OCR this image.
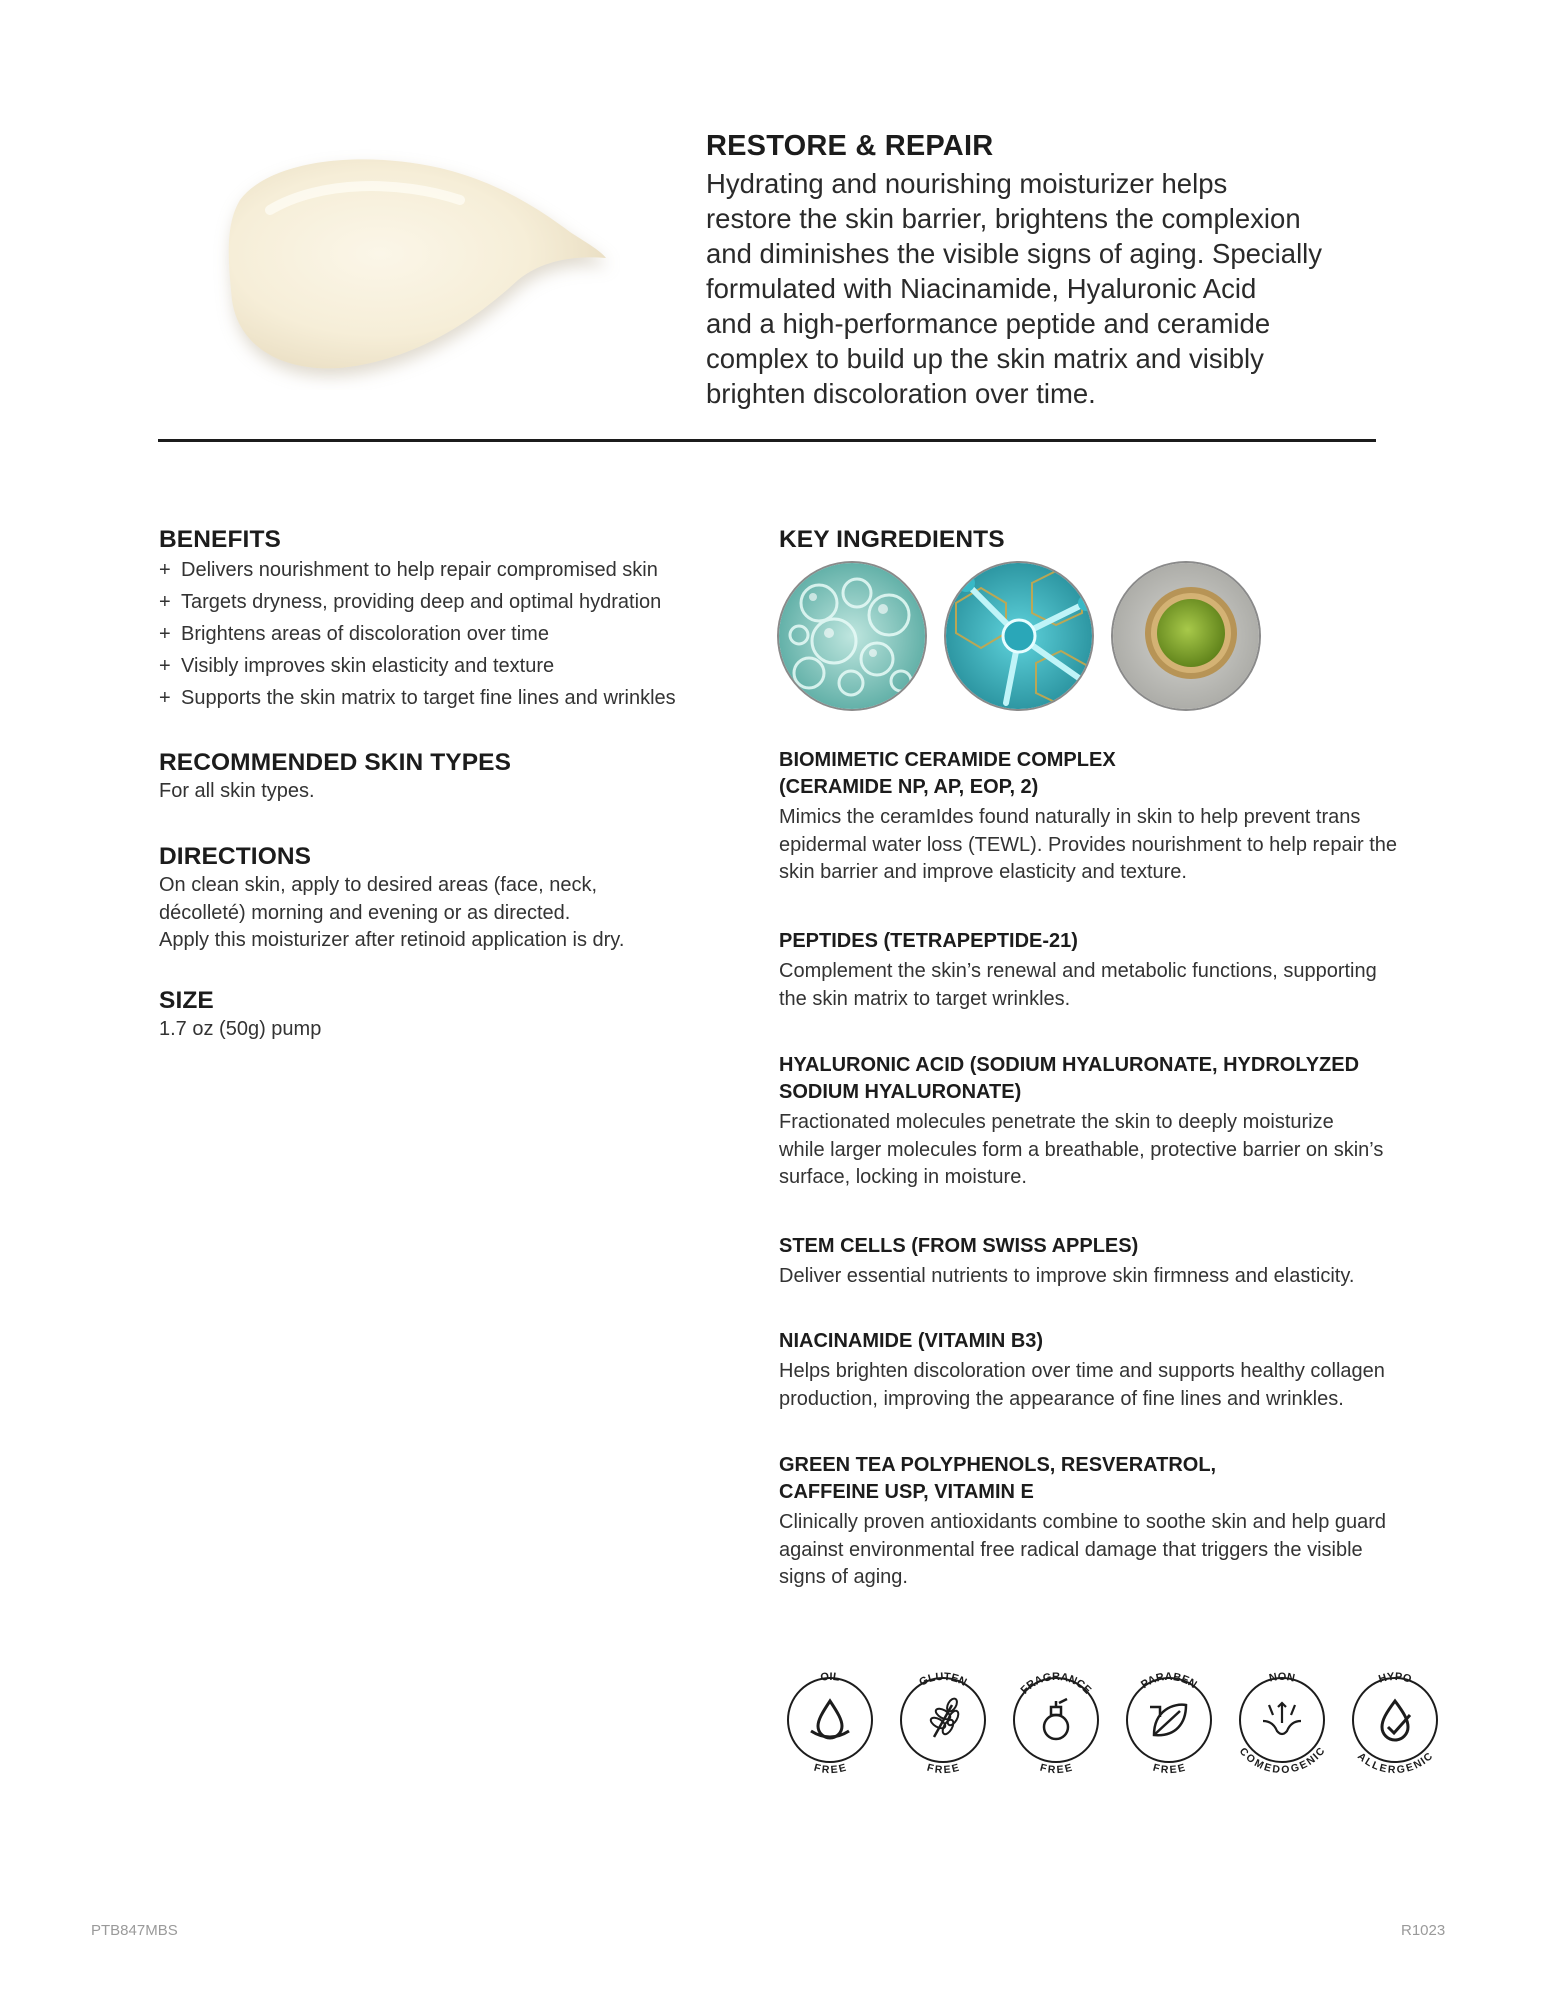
RESTORE & REPAIR
Hydrating and nourishing moisturizer helps
restore the skin barrier, brightens the complexion
and diminishes the visible signs of aging. Specially
formulated with Niacinamide, Hyaluronic Acid
and a high-performance peptide and ceramide
complex to build up the skin matrix and visibly
brighten discoloration over time.
BENEFITS
+ Delivers nourishment to help repair compromised skin
+ Targets dryness, providing deep and optimal hydration
+ Brightens areas of discoloration over time
+ Visibly improves skin elasticity and texture
+ Supports the skin matrix to target fine lines and wrinkles
RECOMMENDED SKIN TYPES
For all skin types.
DIRECTIONS
On clean skin, apply to desired areas (face, neck,
décolleté) morning and evening or as directed.
Apply this moisturizer after retinoid application is dry.
SIZE
1.7 oz (50g) pump
KEY INGREDIENTS
BIOMIMETIC CERAMIDE COMPLEX
(CERAMIDE NP, AP, EOP, 2)
Mimics the ceramIdes found naturally in skin to help prevent trans
epidermal water loss (TEWL). Provides nourishment to help repair the
skin barrier and improve elasticity and texture.
PEPTIDES (TETRAPEPTIDE-21)
Complement the skin’s renewal and metabolic functions, supporting
the skin matrix to target wrinkles.
HYALURONIC ACID (SODIUM HYALURONATE, HYDROLYZED
SODIUM HYALURONATE)
Fractionated molecules penetrate the skin to deeply moisturize
while larger molecules form a breathable, protective barrier on skin’s
surface, locking in moisture.
STEM CELLS (FROM SWISS APPLES)
Deliver essential nutrients to improve skin firmness and elasticity.
NIACINAMIDE (VITAMIN B3)
Helps brighten discoloration over time and supports healthy collagen
production, improving the appearance of fine lines and wrinkles.
GREEN TEA POLYPHENOLS, RESVERATROL,
CAFFEINE USP, VITAMIN E
Clinically proven antioxidants combine to soothe skin and help guard
against environmental free radical damage that triggers the visible
signs of aging.
OIL
FREE
GLUTEN
FREE
FRAGRANCE
FREE
PARABEN
FREE
NON
COMEDOGENIC
HYPO
ALLERGENIC
PTB847MBS	R1023
